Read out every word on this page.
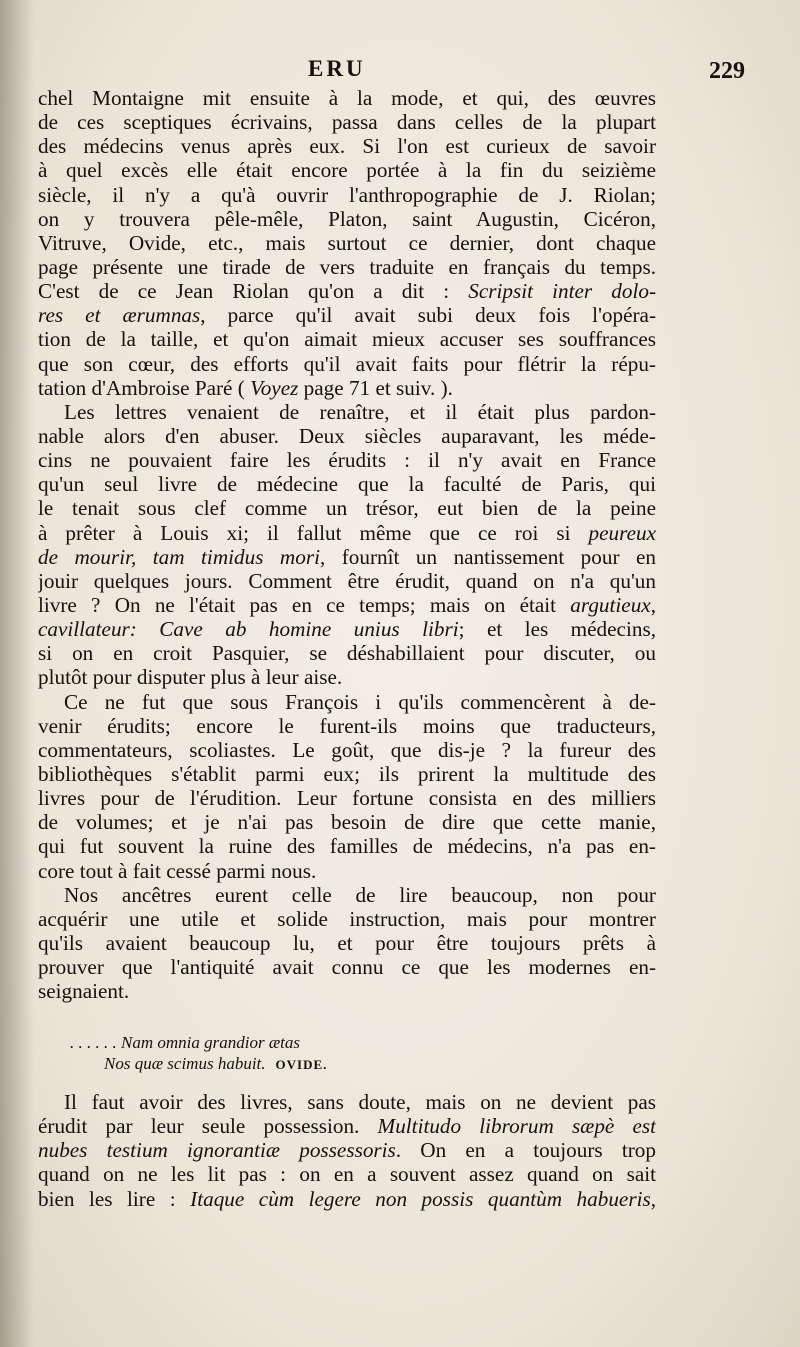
ERU	229
chel Montaigne mit ensuite à la mode, et qui, des œuvres
de ces sceptiques écrivains, passa dans celles de la plupart
des médecins venus après eux. Si l'on est curieux de savoir
à quel excès elle était encore portée à la fin du seizième
siècle, il n'y a qu'à ouvrir l'anthropographie de J. Riolan;
on y trouvera pêle-mêle, Platon, saint Augustin, Cicéron,
Vitruve, Ovide, etc., mais surtout ce dernier, dont chaque
page présente une tirade de vers traduite en français du temps.
C'est de ce Jean Riolan qu'on a dit : Scripsit inter dolo-
res et ærumnas, parce qu'il avait subi deux fois l'opéra-
tion de la taille, et qu'on aimait mieux accuser ses souffrances
que son cœur, des efforts qu'il avait faits pour flétrir la répu-
tation d'Ambroise Paré ( Voyez page 71 et suiv. ).
Les lettres venaient de renaître, et il était plus pardon-
nable alors d'en abuser. Deux siècles auparavant, les méde-
cins ne pouvaient faire les érudits : il n'y avait en France
qu'un seul livre de médecine que la faculté de Paris, qui
le tenait sous clef comme un trésor, eut bien de la peine
à prêter à Louis xi; il fallut même que ce roi si peureux
de mourir, tam timidus mori, fournît un nantissement pour en
jouir quelques jours. Comment être érudit, quand on n'a qu'un
livre ? On ne l'était pas en ce temps; mais on était argutieux,
cavillateur: Cave ab homine unius libri; et les médecins,
si on en croit Pasquier, se déshabillaient pour discuter, ou
plutôt pour disputer plus à leur aise.
Ce ne fut que sous François i qu'ils commencèrent à de-
venir érudits; encore le furent-ils moins que traducteurs,
commentateurs, scoliastes. Le goût, que dis-je ? la fureur des
bibliothèques s'établit parmi eux; ils prirent la multitude des
livres pour de l'érudition. Leur fortune consista en des milliers
de volumes; et je n'ai pas besoin de dire que cette manie,
qui fut souvent la ruine des familles de médecins, n'a pas en-
core tout à fait cessé parmi nous.
Nos ancêtres eurent celle de lire beaucoup, non pour
acquérir une utile et solide instruction, mais pour montrer
qu'ils avaient beaucoup lu, et pour être toujours prêts à
prouver que l'antiquité avait connu ce que les modernes en-
seignaient.
. . . . . . Nam omnia grandior ætas
Nos quæ scimus habuit. OVIDE.
Il faut avoir des livres, sans doute, mais on ne devient pas
érudit par leur seule possession. Multitudo librorum sæpè est
nubes testium ignorantiæ possessoris. On en a toujours trop
quand on ne les lit pas : on en a souvent assez quand on sait
bien les lire : Itaque cùm legere non possis quantùm habueris,
